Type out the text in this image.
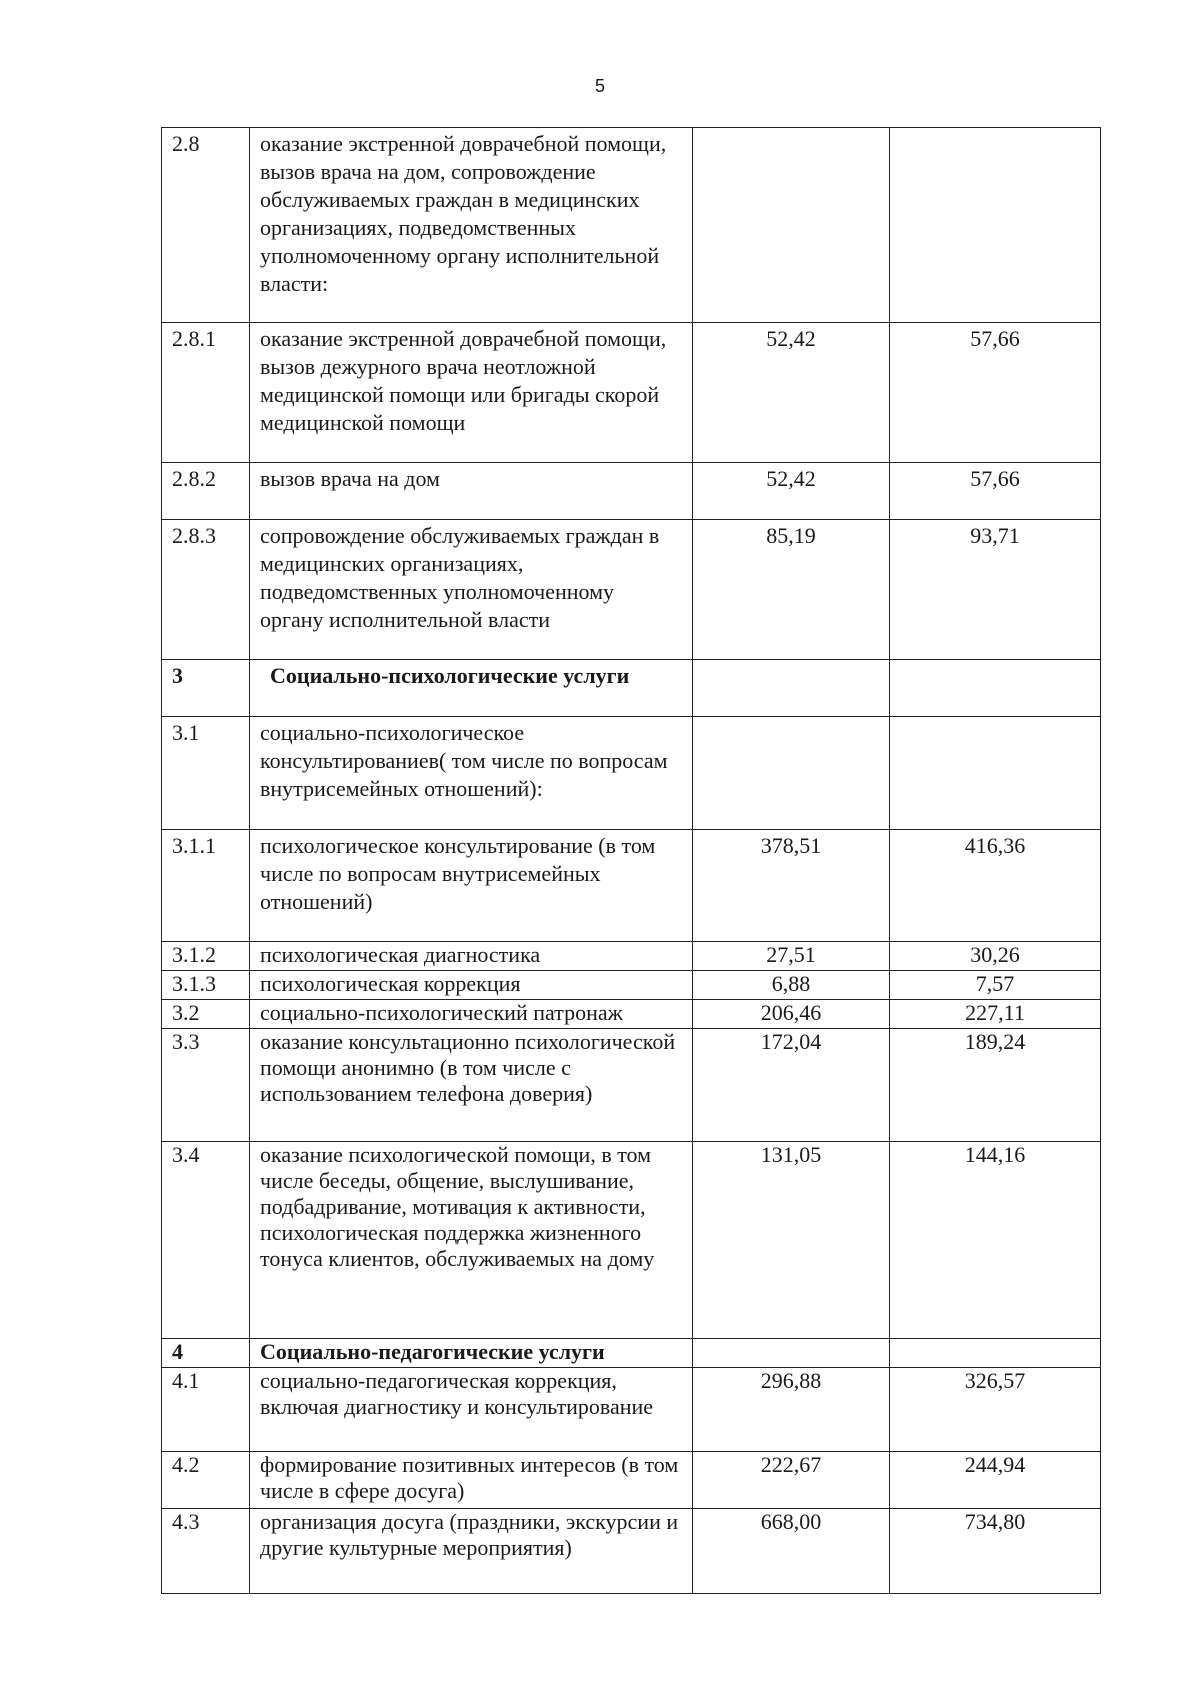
5
2.8	оказание экстренной доврачебной помощи, вызов врача на дом, сопровождение обслуживаемых граждан в медицинских организациях, подведомственных уполномоченному органу исполнительной власти:		
2.8.1	оказание экстренной доврачебной помощи, вызов дежурного врача неотложной медицинской помощи или бригады скорой медицинской помощи	52,42	57,66
2.8.2	вызов врача на дом	52,42	57,66
2.8.3	сопровождение обслуживаемых граждан в медицинских организациях, подведомственных уполномоченному органу исполнительной власти	85,19	93,71
3	Социально-психологические услуги		
3.1	социально-психологическое консультированиев( том числе по вопросам внутрисемейных отношений):		
3.1.1	психологическое консультирование (в том числе по вопросам внутрисемейных отношений)	378,51	416,36
3.1.2	психологическая диагностика	27,51	30,26
3.1.3	психологическая коррекция	6,88	7,57
3.2	социально-психологический патронаж	206,46	227,11
3.3	оказание консультационно психологической помощи анонимно (в том числе с использованием телефона доверия)	172,04	189,24
3.4	оказание психологической помощи, в том числе беседы, общение, выслушивание, подбадривание, мотивация к активности, психологическая поддержка жизненного тонуса клиентов, обслуживаемых на дому	131,05	144,16
4	Социально-педагогические услуги		
4.1	социально-педагогическая коррекция, включая диагностику и консультирование	296,88	326,57
4.2	формирование позитивных интересов (в том числе в сфере досуга)	222,67	244,94
4.3	организация досуга (праздники, экскурсии и другие культурные мероприятия)	668,00	734,80
